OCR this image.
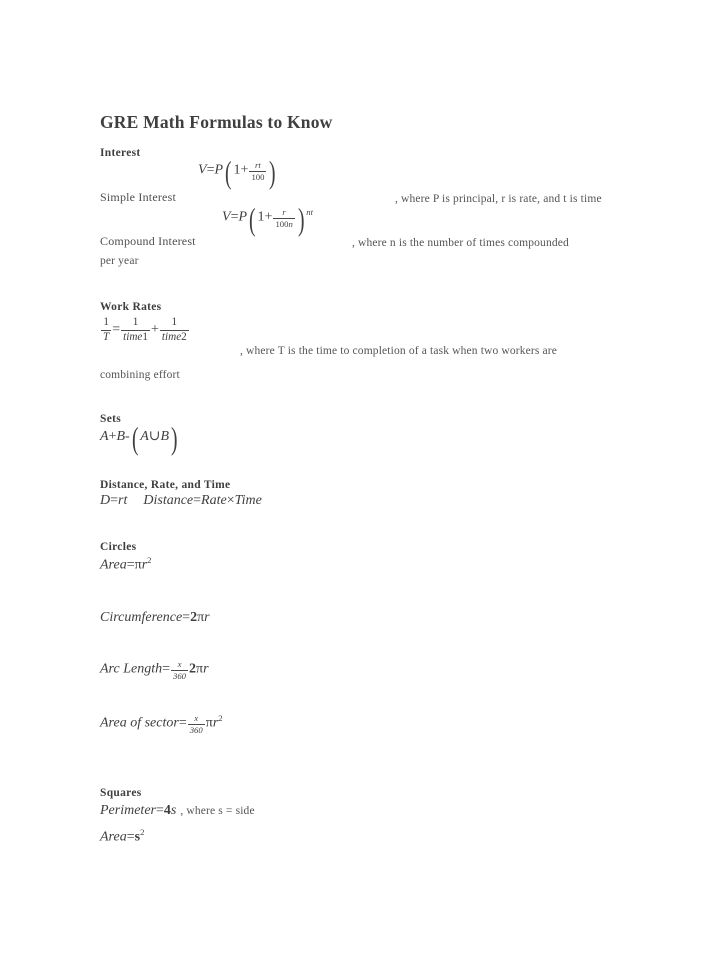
GRE Math Formulas to Know
Interest
Simple Interest
V=P( $1+ \frac{rt}{100}$ )
, where P is principal, r is rate, and t is time
Compound Interest
V=P( $1+ \frac{r}{100n}$ ) $^{nt}$
, where n is the number of times compounded
per year
Work Rates
$\frac{1}{T} = \frac{1}{\text{time1}} + \frac{1}{\text{time2}}$
, where T is the time to completion of a task when two workers are
combining effort
Sets
A+B-( A∪B)
Distance, Rate, and Time
D=rt Distance=Rate×Time
Circles
$Area=\pi r^2$
Circumference=2πr
Arc Length= $\frac{x}{360} 2\pi r$
Area of sector= $\frac{x}{360} \pi r^2$
Squares
Perimeter=4s , where s = side
$Area=s^2$
